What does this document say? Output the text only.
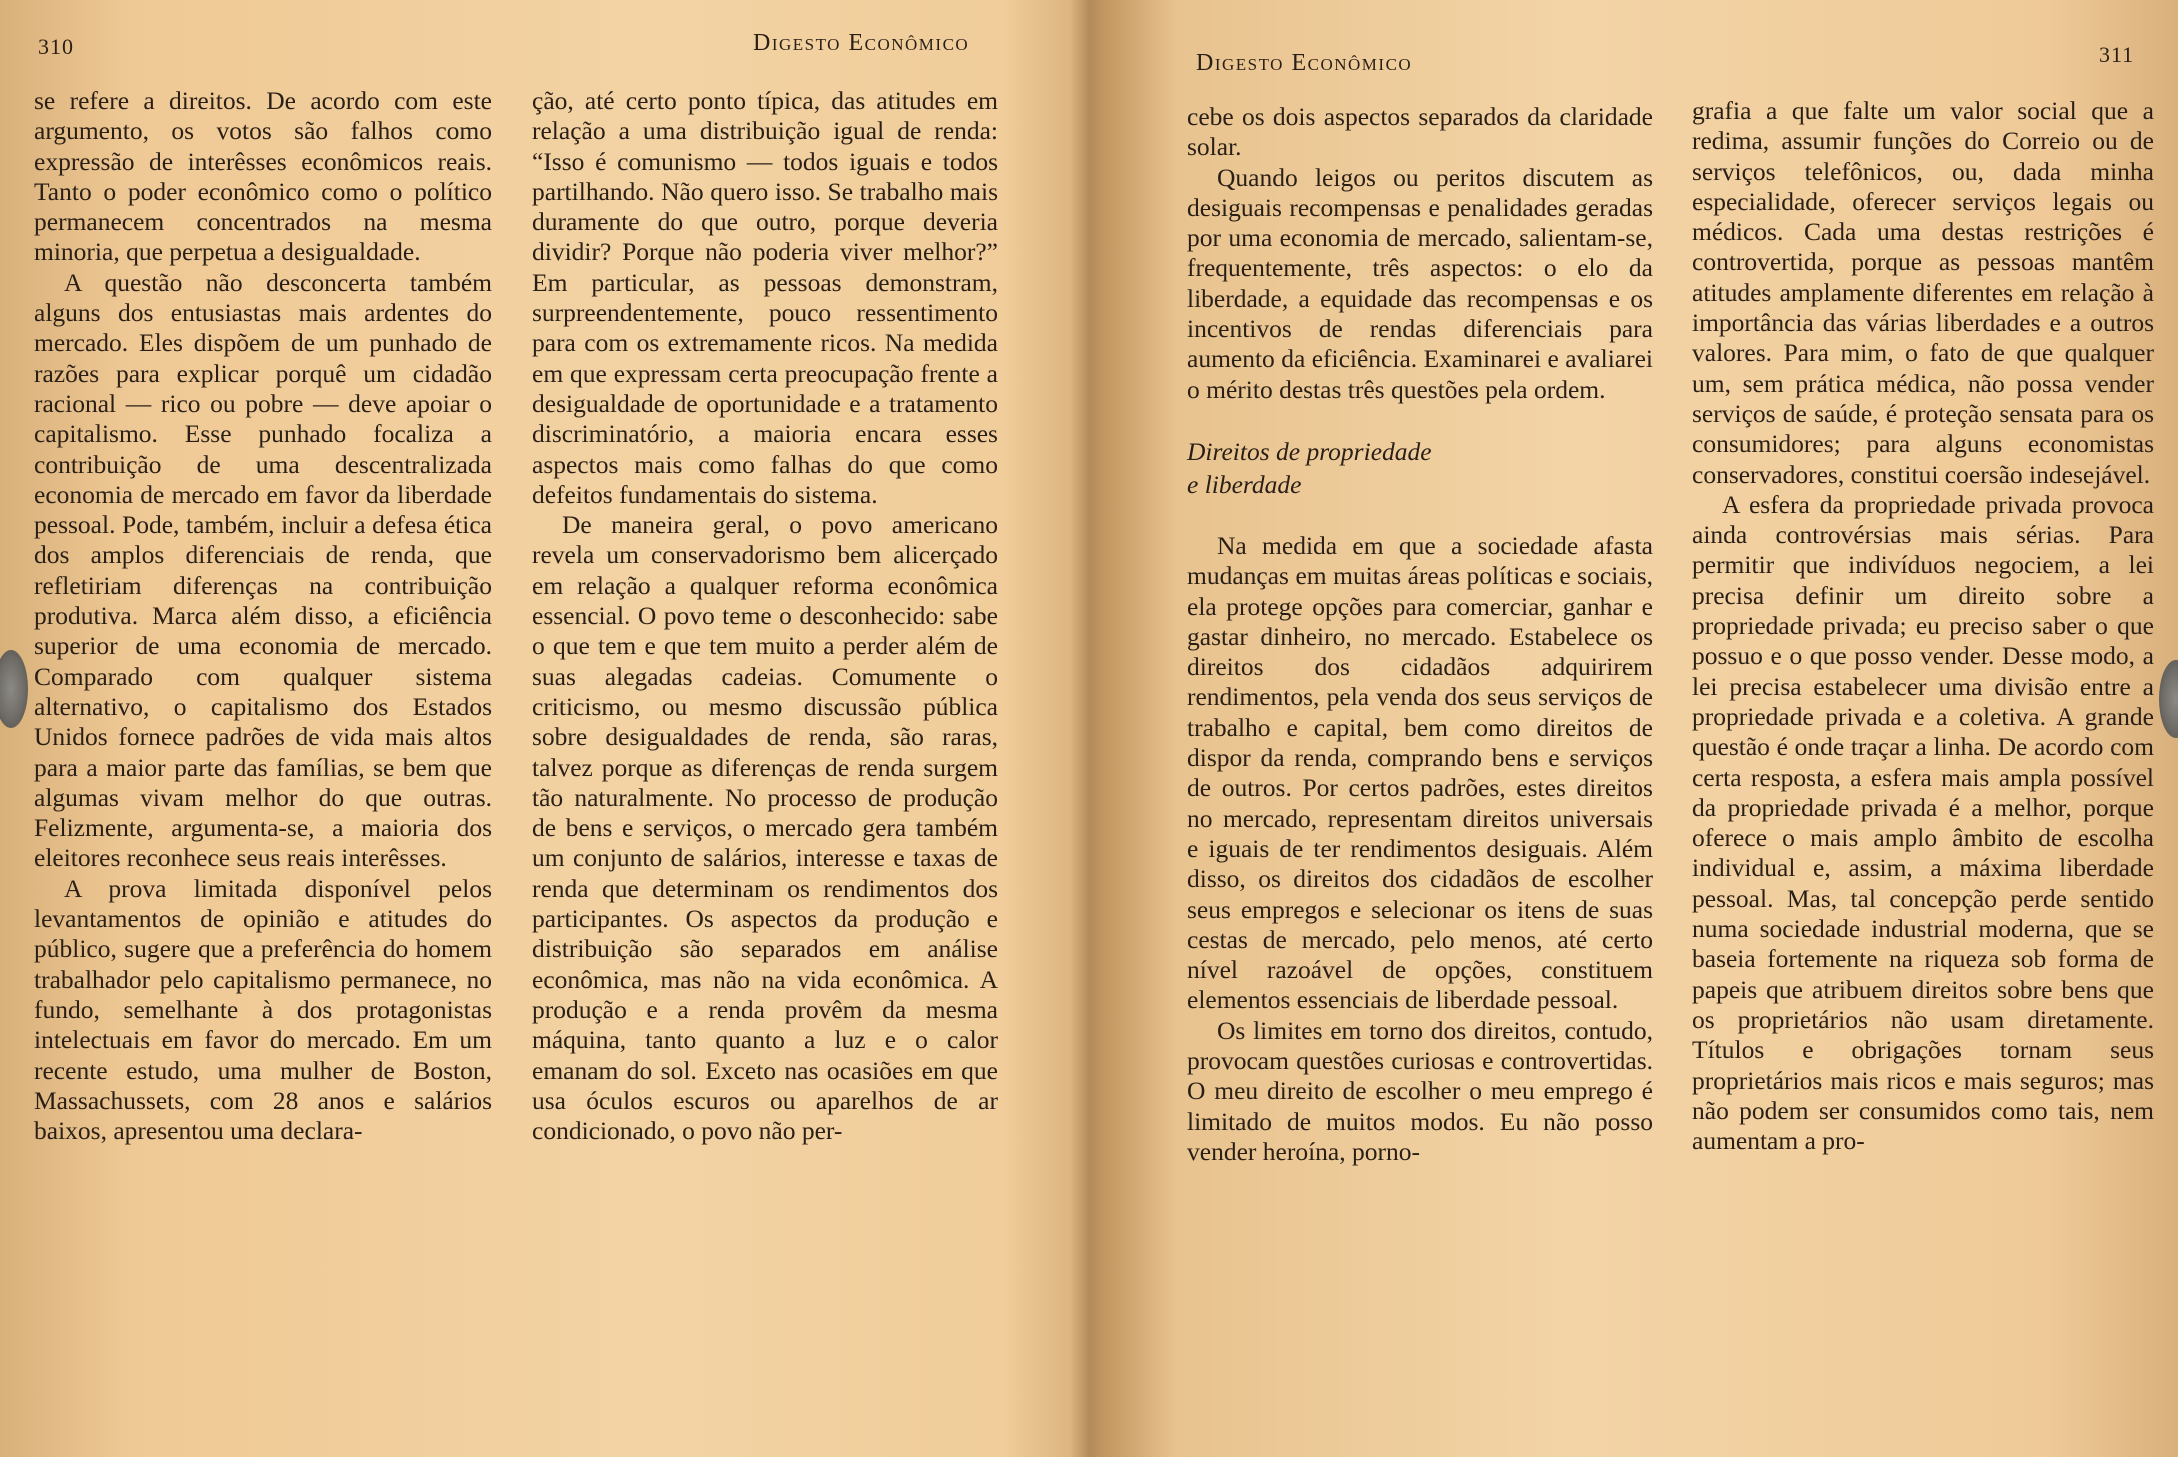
310	Digesto Econômico

se refere a direitos. De acordo com este argumento, os votos são falhos como expressão de interêsses econômicos reais. Tanto o poder econômico como o político permanecem concentrados na mesma minoria, que perpetua a desigualdade.

A questão não desconcerta também alguns dos entusiastas mais ardentes do mercado. Eles dispõem de um punhado de razões para explicar porquê um cidadão racional — rico ou pobre — deve apoiar o capitalismo. Esse punhado focaliza a contribuição de uma descentralizada economia de mercado em favor da liberdade pessoal. Pode, também, incluir a defesa ética dos amplos diferenciais de renda, que refletiriam diferenças na contribuição produtiva. Marca além disso, a eficiência superior de uma economia de mercado. Comparado com qualquer sistema alternativo, o capitalismo dos Estados Unidos fornece padrões de vida mais altos para a maior parte das famílias, se bem que algumas vivam melhor do que outras. Felizmente, argumenta-se, a maioria dos eleitores reconhece seus reais interêsses.

A prova limitada disponível pelos levantamentos de opinião e atitudes do público, sugere que a preferência do homem trabalhador pelo capitalismo permanece, no fundo, semelhante à dos protagonistas intelectuais em favor do mercado. Em um recente estudo, uma mulher de Boston, Massachussets, com 28 anos e salários baixos, apresentou uma declara-

ção, até certo ponto típica, das atitudes em relação a uma distribuição igual de renda: “Isso é comunismo — todos iguais e todos partilhando. Não quero isso. Se trabalho mais duramente do que outro, porque deveria dividir? Porque não poderia viver melhor?” Em particular, as pessoas demonstram, surpreendentemente, pouco ressentimento para com os extremamente ricos. Na medida em que expressam certa preocupação frente a desigualdade de oportunidade e a tratamento discriminatório, a maioria encara esses aspectos mais como falhas do que como defeitos fundamentais do sistema.

De maneira geral, o povo americano revela um conservadorismo bem alicerçado em relação a qualquer reforma econômica essencial. O povo teme o desconhecido: sabe o que tem e que tem muito a perder além de suas alegadas cadeias. Comumente o criticismo, ou mesmo discussão pública sobre desigualdades de renda, são raras, talvez porque as diferenças de renda surgem tão naturalmente. No processo de produção de bens e serviços, o mercado gera também um conjunto de salários, interesse e taxas de renda que determinam os rendimentos dos participantes. Os aspectos da produção e distribuição são separados em análise econômica, mas não na vida econômica. A produção e a renda provêm da mesma máquina, tanto quanto a luz e o calor emanam do sol. Exceto nas ocasiões em que usa óculos escuros ou aparelhos de ar condicionado, o povo não per-

Digesto Econômico	311

cebe os dois aspectos separados da claridade solar.

Quando leigos ou peritos discutem as desiguais recompensas e penalidades geradas por uma economia de mercado, salientam-se, frequentemente, três aspectos: o elo da liberdade, a equidade das recompensas e os incentivos de rendas diferenciais para aumento da eficiência. Examinarei e avaliarei o mérito destas três questões pela ordem.

Direitos de propriedade
e liberdade

Na medida em que a sociedade afasta mudanças em muitas áreas políticas e sociais, ela protege opções para comerciar, ganhar e gastar dinheiro, no mercado. Estabelece os direitos dos cidadãos adquirirem rendimentos, pela venda dos seus serviços de trabalho e capital, bem como direitos de dispor da renda, comprando bens e serviços de outros. Por certos padrões, estes direitos no mercado, representam direitos universais e iguais de ter rendimentos desiguais. Além disso, os direitos dos cidadãos de escolher seus empregos e selecionar os itens de suas cestas de mercado, pelo menos, até certo nível razoável de opções, constituem elementos essenciais de liberdade pessoal.

Os limites em torno dos direitos, contudo, provocam questões curiosas e controvertidas. O meu direito de escolher o meu emprego é limitado de muitos modos. Eu não posso vender heroína, porno-

grafia a que falte um valor social que a redima, assumir funções do Correio ou de serviços telefônicos, ou, dada minha especialidade, oferecer serviços legais ou médicos. Cada uma destas restrições é controvertida, porque as pessoas mantêm atitudes amplamente diferentes em relação à importância das várias liberdades e a outros valores. Para mim, o fato de que qualquer um, sem prática médica, não possa vender serviços de saúde, é proteção sensata para os consumidores; para alguns economistas conservadores, constitui coersão indesejável.

A esfera da propriedade privada provoca ainda controvérsias mais sérias. Para permitir que indivíduos negociem, a lei precisa definir um direito sobre a propriedade privada; eu preciso saber o que possuo e o que posso vender. Desse modo, a lei precisa estabelecer uma divisão entre a propriedade privada e a coletiva. A grande questão é onde traçar a linha. De acordo com certa resposta, a esfera mais ampla possível da propriedade privada é a melhor, porque oferece o mais amplo âmbito de escolha individual e, assim, a máxima liberdade pessoal. Mas, tal concepção perde sentido numa sociedade industrial moderna, que se baseia fortemente na riqueza sob forma de papeis que atribuem direitos sobre bens que os proprietários não usam diretamente. Títulos e obrigações tornam seus proprietários mais ricos e mais seguros; mas não podem ser consumidos como tais, nem aumentam a pro-
